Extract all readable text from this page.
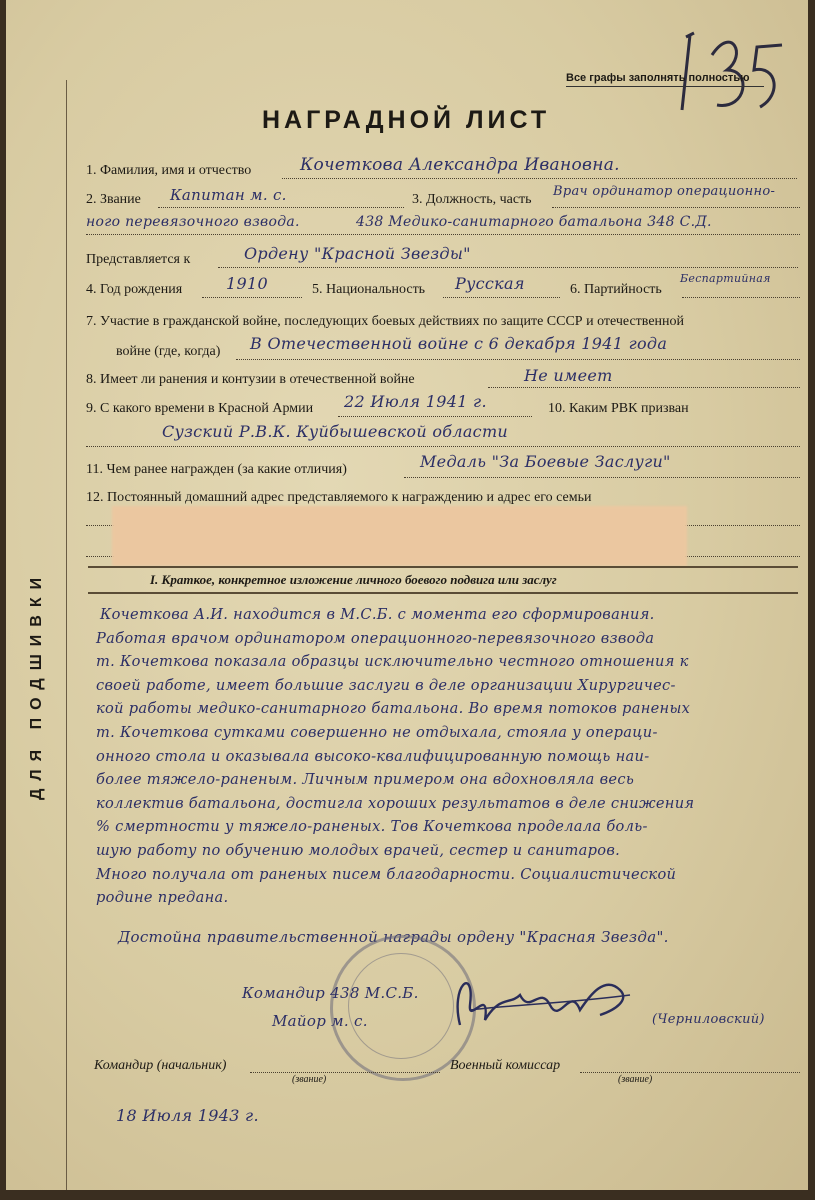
ДЛЯ ПОДШИВКИ
Все графы заполнять полностью
НАГРАДНОЙ ЛИСТ
1. Фамилия, имя и отчество	Кочеткова Александра Ивановна.
2. Звание Капитан м. с.	3. Должность, часть
Врач ординатор операционно-
ного перевязочного взвода.	438 Медико-санитарного батальона 348 С.Д.
Представляется к	Ордену "Красной Звезды"
4. Год рождения	1910	5. Национальность Русская	6. Партийность
Беспартийная
7. Участие в гражданской войне, последующих боевых действиях по защите СССР и отечественной
войне (где, когда) В Отечественной войне с 6 декабря 1941 года
8. Имеет ли ранения и контузии в отечественной войне	Не имеет
9. С какого времени в Красной Армии 22 Июля 1941 г.	10. Каким РВК призван
Сузский Р.В.К. Куйбышевской области
11. Чем ранее награжден (за какие отличия)	Медаль "За Боевые Заслуги"
12. Постоянный домашний адрес представляемого к награждению и адрес его семьи
I. Краткое, конкретное изложение личного боевого подвига или заслуг
Кочеткова А.И. находится в М.С.Б. с момента его сформирования.
Работая врачом ординатором операционного-перевязочного взвода
т. Кочеткова показала образцы исключительно честного отношения к
своей работе, имеет большие заслуги в деле организации Хирургичес-
кой работы медико-санитарного батальона. Во время потоков раненых
т. Кочеткова сутками совершенно не отдыхала, стояла у операци-
онного стола и оказывала высоко-квалифицированную помощь наи-
более тяжело-раненым. Личным примером она вдохновляла весь
коллектив батальона, достигла хороших результатов в деле снижения
% смертности у тяжело-раненых. Тов Кочеткова проделала боль-
шую работу по обучению молодых врачей, сестер и санитаров.
Много получала от раненых писем благодарности. Социалистической
родине предана.
Достойна правительственной награды ордену "Красная Звезда".
Командир 438 М.С.Б.
Майор м. с.	(Черниловский)
Командир (начальник)
(звание)
Военный комиссар
(звание)
18 Июля 1943 г.
